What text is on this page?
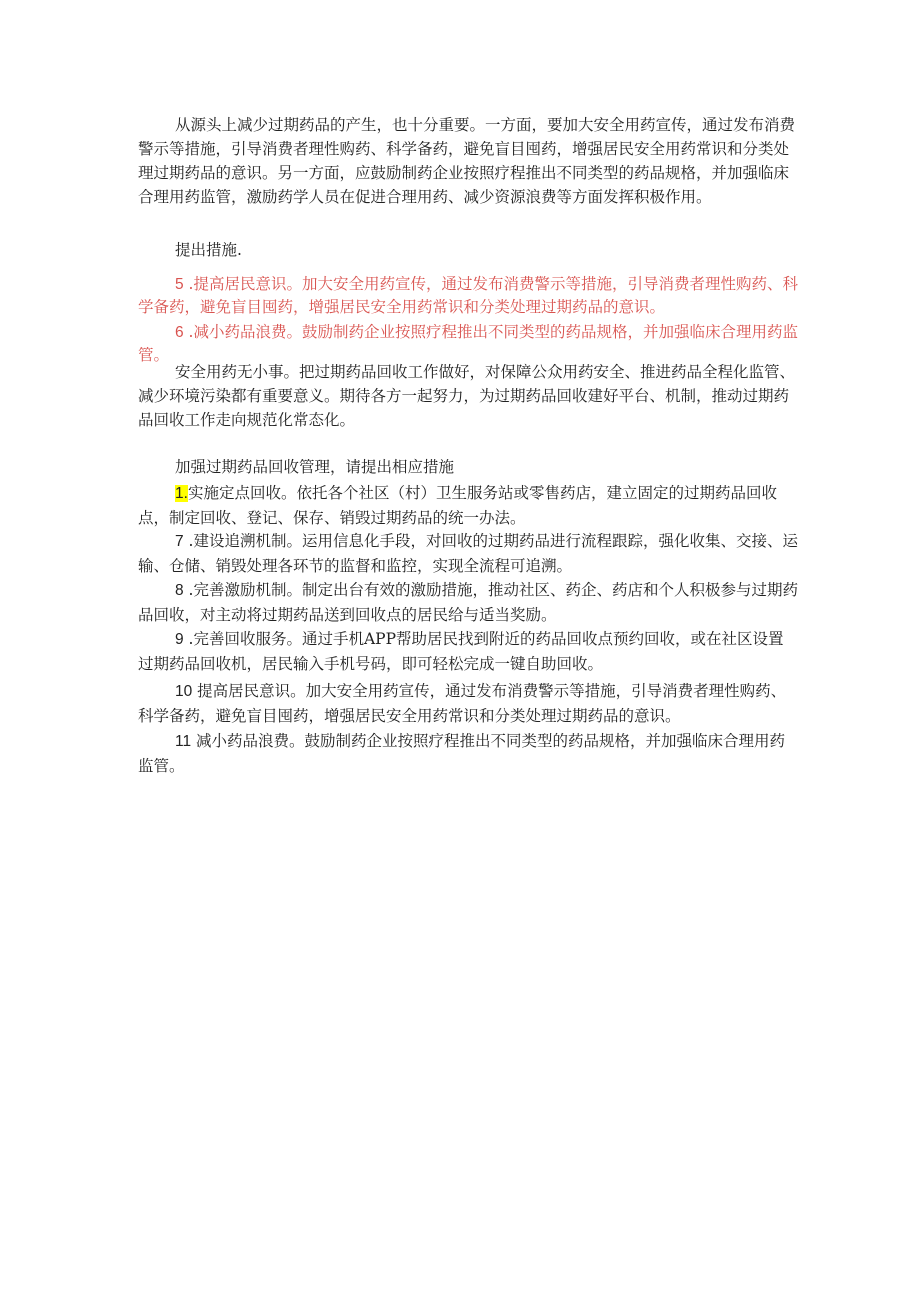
从源头上减少过期药品的产生，也十分重要。一方面，要加大安全用药宣传，通过发布消费警示等措施，引导消费者理性购药、科学备药，避免盲目囤药，增强居民安全用药常识和分类处理过期药品的意识。另一方面，应鼓励制药企业按照疗程推出不同类型的药品规格，并加强临床合理用药监管，激励药学人员在促进合理用药、减少资源浪费等方面发挥积极作用。

提出措施.

5 .提高居民意识。加大安全用药宣传，通过发布消费警示等措施，引导消费者理性购药、科学备药，避免盲目囤药，增强居民安全用药常识和分类处理过期药品的意识。

6 .减小药品浪费。鼓励制药企业按照疗程推出不同类型的药品规格，并加强临床合理用药监管。

安全用药无小事。把过期药品回收工作做好，对保障公众用药安全、推进药品全程化监管、减少环境污染都有重要意义。期待各方一起努力，为过期药品回收建好平台、机制，推动过期药品回收工作走向规范化常态化。

加强过期药品回收管理，请提出相应措施

1.实施定点回收。依托各个社区（村）卫生服务站或零售药店，建立固定的过期药品回收点，制定回收、登记、保存、销毁过期药品的统一办法。

7 .建设追溯机制。运用信息化手段，对回收的过期药品进行流程跟踪，强化收集、交接、运输、仓储、销毁处理各环节的监督和监控，实现全流程可追溯。

8 .完善激励机制。制定出台有效的激励措施，推动社区、药企、药店和个人积极参与过期药品回收，对主动将过期药品送到回收点的居民给与适当奖励。

9 .完善回收服务。通过手机APP帮助居民找到附近的药品回收点预约回收，或在社区设置过期药品回收机，居民输入手机号码，即可轻松完成一键自助回收。

10 提高居民意识。加大安全用药宣传，通过发布消费警示等措施，引导消费者理性购药、科学备药，避免盲目囤药，增强居民安全用药常识和分类处理过期药品的意识。

11 减小药品浪费。鼓励制药企业按照疗程推出不同类型的药品规格，并加强临床合理用药监管。
